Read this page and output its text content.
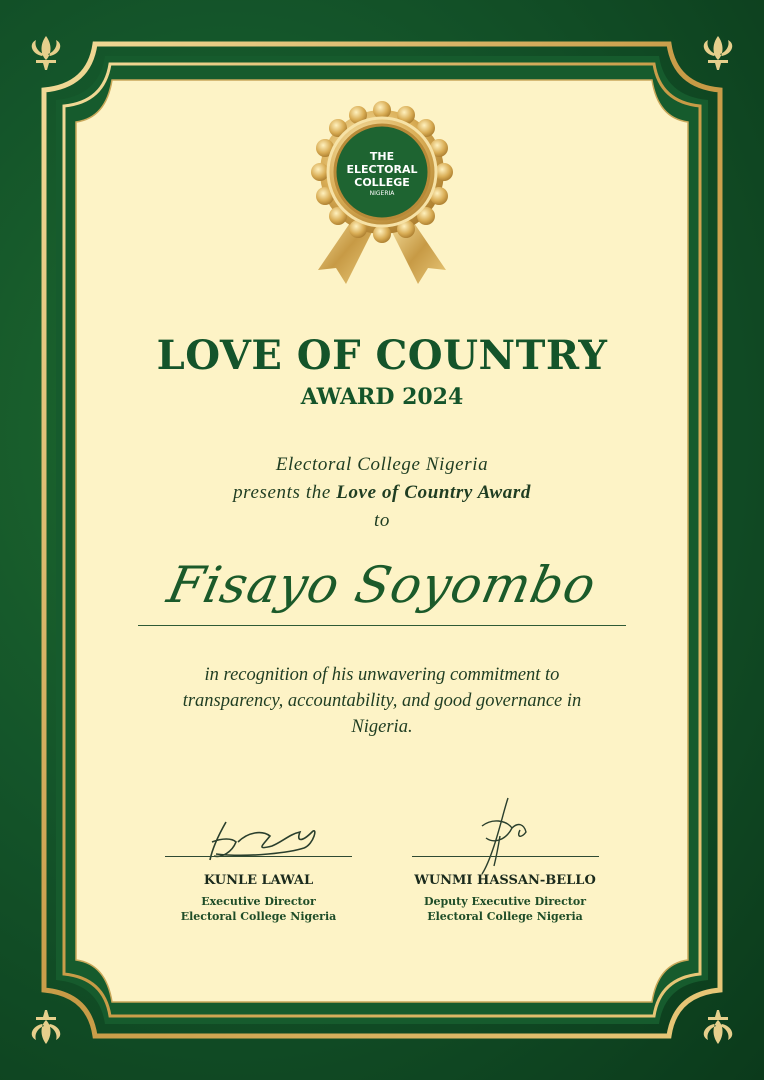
THE
ELECTORAL
COLLEGE
NIGERIA
LOVE OF COUNTRY
AWARD 2024
Electoral College Nigeria
presents the Love of Country Award
to
Fisayo Soyombo
in recognition of his unwavering commitment to transparency, accountability, and good governance in Nigeria.
KUNLE LAWAL
Executive Director
Electoral College Nigeria
WUNMI HASSAN-BELLO
Deputy Executive Director
Electoral College Nigeria
